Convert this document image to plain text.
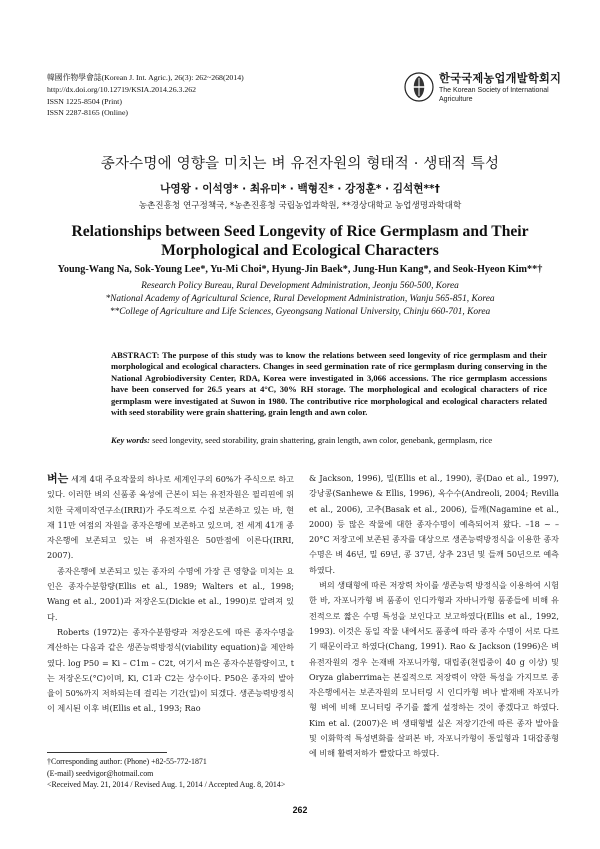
韓國作物學會誌(Korean J. Int. Agric.), 26(3): 262~268(2014)
http://dx.doi.org/10.12719/KSIA.2014.26.3.262
ISSN 1225-8504 (Print)
ISSN 2287-8165 (Online)
한국국제농업개발학회지
The Korean Society of International Agriculture
종자수명에 영향을 미치는 벼 유전자원의 형태적 · 생태적 특성
나영왕 · 이석영* · 최유미* · 백형진* · 강정훈* · 김석현**†
농촌진흥청 연구정책국, *농촌진흥청 국립농업과학원, **경상대학교 농업생명과학대학
Relationships between Seed Longevity of Rice Germplasm and Their Morphological and Ecological Characters
Young-Wang Na, Sok-Young Lee*, Yu-Mi Choi*, Hyung-Jin Baek*, Jung-Hun Kang*, and Seok-Hyeon Kim**†
Research Policy Bureau, Rural Development Administration, Jeonju 560-500, Korea
*National Academy of Agricultural Science, Rural Development Administration, Wanju 565-851, Korea
**College of Agriculture and Life Sciences, Gyeongsang National University, Chinju 660-701, Korea
ABSTRACT: The purpose of this study was to know the relations between seed longevity of rice germplasm and their morphological and ecological characters. Changes in seed germination rate of rice germplasm during conserving in the National Agrobiodiversity Center, RDA, Korea were investigated in 3,066 accessions. The rice germplasm accessions have been conserved for 26.5 years at 4°C, 30% RH storage. The morphological and ecological characters of rice germplasm were investigated at Suwon in 1980. The contributive rice morphological and ecological characters related with seed storability were grain shattering, grain length and awn color.
Key words: seed longevity, seed storability, grain shattering, grain length, awn color, genebank, germplasm, rice

벼는 세계 4대 주요작물의 하나로 세계인구의 60%가 주식으로 하고 있다. 이러한 벼의 신품종 육성에 근본이 되는 유전자원은 필리핀에 위치한 국제미작연구소(IRRI)가 주도적으로 수집 보존하고 있는 바, 현재 11만 여점의 자원을 종자은행에 보존하고 있으며, 전 세계 41개 종자은행에 보존되고 있는 벼 유전자원은 50만점에 이른다(IRRI, 2007).

종자은행에 보존되고 있는 종자의 수명에 가장 큰 영향을 미치는 요인은 종자수분함량(Ellis et al., 1989; Walters et al., 1998; Wang et al., 2001)과 저장온도(Dickie et al., 1990)로 알려져 있다.

Roberts (1972)는 종자수분함량과 저장온도에 따른 종자수명을 계산하는 다음과 같은 생존능력방정식(viability equation)을 제안하였다. log P50 = Ki – C1m – C2t, 여기서 m은 종자수분함량이고, t는 저장온도(°C)이며, Ki, C1과 C2는 상수이다. P50은 종자의 발아율이 50%까지 저하되는데 걸리는 기간(일)이 되겠다. 생존능력방정식이 제시된 이후 벼(Ellis et al., 1993; Rao

& Jackson, 1996), 밀(Ellis et al., 1990), 콩(Dao et al., 1997), 강낭콩(Sanhewe & Ellis, 1996), 옥수수(Andreoli, 2004; Revilla et al., 2006), 고추(Basak et al., 2006), 들깨(Nagamine et al., 2000) 등 많은 작물에 대한 종자수명이 예측되어져 왔다. –18 ~ –20°C 저장고에 보존된 종자를 대상으로 생존능력방정식을 이용한 종자수명은 벼 46년, 밀 69년, 콩 37년, 상추 23년 및 들깨 50년으로 예측하였다.

벼의 생태형에 따른 저장력 차이를 생존능력 방정식을 이용하여 시험한 바, 자포니카형 벼 품종이 인디카형과 자바니카형 품종들에 비해 유전적으로 짧은 수명 특성을 보인다고 보고하였다(Ellis et al., 1992, 1993). 이것은 동일 작물 내에서도 품종에 따라 종자 수명이 서로 다르기 때문이라고 하였다(Chang, 1991). Rao & Jackson (1996)은 벼 유전자원의 경우 논재배 자포니카형, 대립종(천립중이 40 g 이상) 및 Oryza glaberrima는 본질적으로 저장력이 약한 특성을 가지므로 종자은행에서는 보존자원의 모니터링 시 인디카형 벼나 밭재배 자포니카형 벼에 비해 모니터링 주기를 짧게 설정하는 것이 좋겠다고 하였다. Kim et al. (2007)은 벼 생태형별 실온 저장기간에 따른 종자 발아율 및 이화학적 특성변화를 살펴본 바, 자포니카형이 통일형과 1대잡종형에 비해 활력저하가 빨랐다고 하였다.

†Corresponding author: (Phone) +82-55-772-1871
(E-mail) seedvigor@hotmail.com
<Received May. 21, 2014 / Revised Aug. 1, 2014 / Accepted Aug. 8, 2014>
262
